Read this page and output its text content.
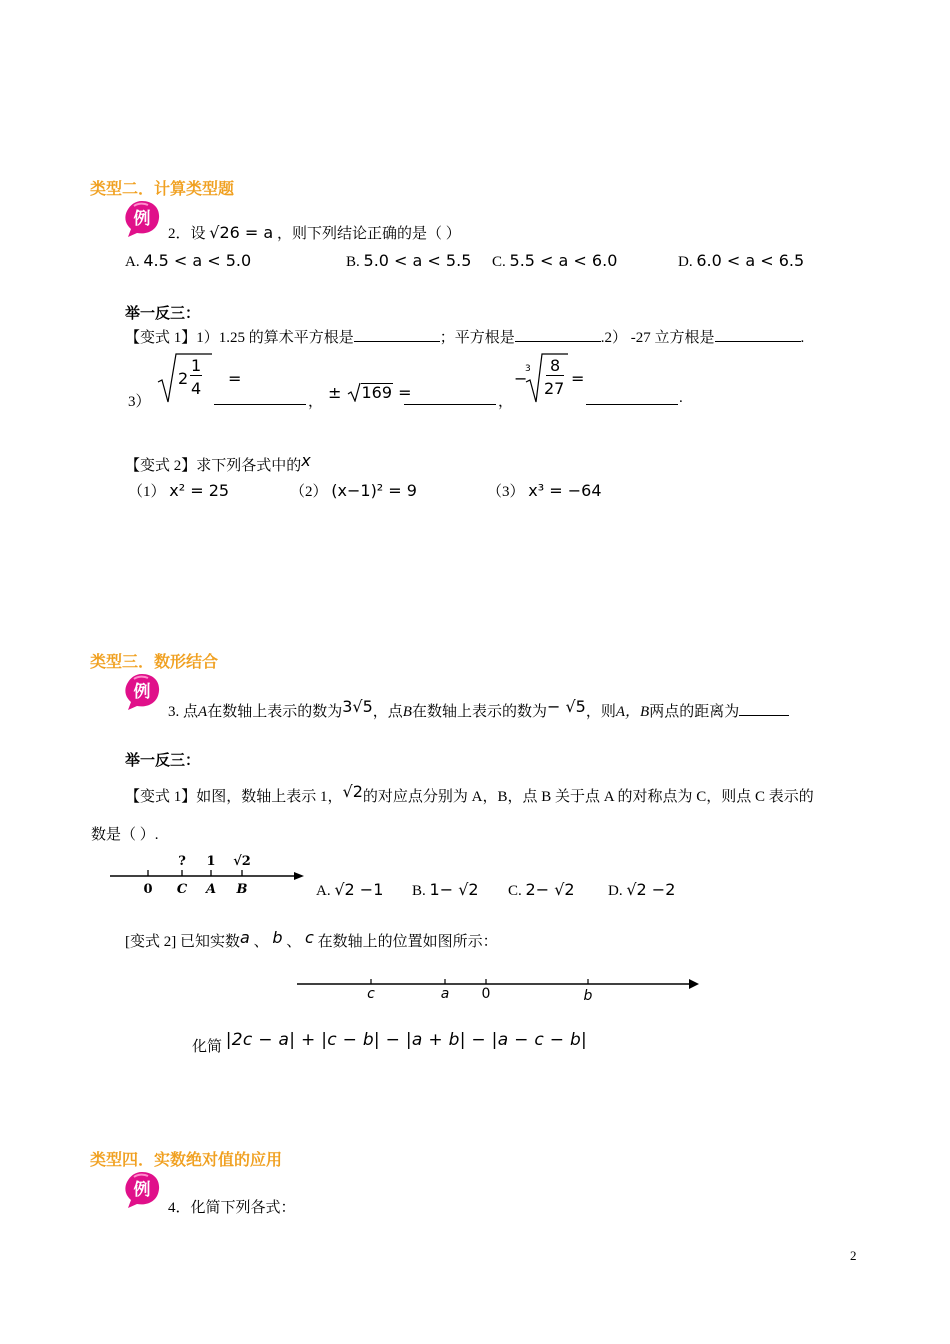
类型二．计算类型题
例
2．设 √26 = a ，则下列结论正确的是（ ）
A. 4.5 < a < 5.0	B. 5.0 < a < 5.5 C. 5.5 < a < 6.0	D. 6.0 < a < 6.5
举一反三：
【变式 1】1）1.25 的算术平方根是	；平方根是	.2） -27 立方根是	.
3）
2
1
4
=
， ± 169 =	，
−
3 8
27
=
.
【变式 2】求下列各式中的x
（1） x² = 25	（2） (x−1)² = 9	（3） x³ = −64
类型三．数形结合
例
3. 点A在数轴上表示的数为3√5，点B在数轴上表示的数为− √5，则A，B两点的距离为
举一反三：
【变式 1】如图，数轴上表示 1，√2的对应点分别为 A，B，点 B 关于点 A 的对称点为 C，则点 C 表示的
数是（ ）.
? 1 √2
0 C A B	A. √2 −1 B. 1− √2 C. 2− √2 D. √2 −2
[变式 2] 已知实数a 、 b 、 c 在数轴上的位置如图所示：
c	a 0	b
化简 |2c − a| + |c − b| − |a + b| − |a − c − b|
类型四．实数绝对值的应用
例
4．化简下列各式：
2
